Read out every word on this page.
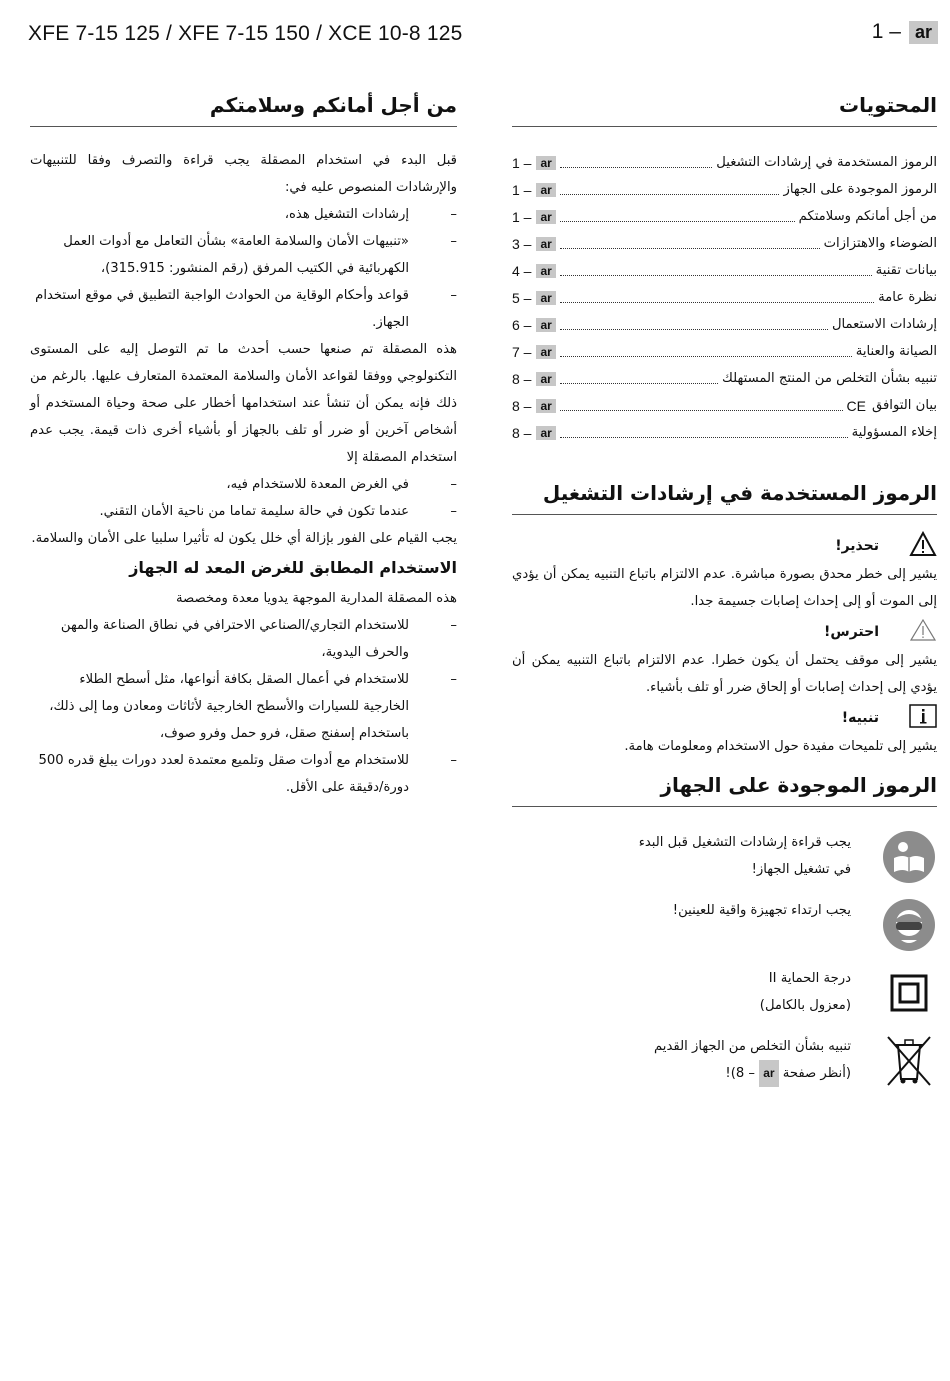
XFE 7-15 125 / XFE 7-15 150 / XCE 10-8 125	1 – ar
المحتويات
الرموز المستخدمة في إرشادات التشغيل
1 – ar
الرموز الموجودة على الجهاز
1 – ar
من أجل أمانكم وسلامتكم
1 – ar
الضوضاء والاهتزازات
3 – ar
بيانات تقنية
4 – ar
نظرة عامة
5 – ar
إرشادات الاستعمال
6 – ar
الصيانة والعناية
7 – ar
تنبيه بشأن التخلص من المنتج المستهلك
8 – ar
بيان التوافق
CE
8 – ar
إخلاء المسؤولية
8 – ar
الرموز المستخدمة في إرشادات التشغيل
تحذير!

يشير إلى خطر محدق بصورة مباشرة. عدم الالتزام باتباع التنبيه يمكن أن يؤدي إلى الموت أو إلى إحداث إصابات جسيمة جدا.

احترس!

يشير إلى موقف يحتمل أن يكون خطرا. عدم الالتزام باتباع التنبيه يمكن أن يؤدي إلى إحداث إصابات أو إلحاق ضرر أو تلف بأشياء.

تنبيه!

يشير إلى تلميحات مفيدة حول الاستخدام ومعلومات هامة.

الرموز الموجودة على الجهاز
يجب قراءة إرشادات التشغيل قبل البدء
في تشغيل الجهاز!
يجب ارتداء تجهيزة واقية للعينين!
درجة الحماية II
(معزول بالكامل)
تنبيه بشأن التخلص من الجهاز القديم
(أنظر صفحة ar – 8)!
من أجل أمانكم وسلامتكم

قبل البدء في استخدام المصقلة يجب قراءة والتصرف وفقا للتنبيهات والإرشادات المنصوص عليه في:

– إرشادات التشغيل هذه،
– «تنبيهات الأمان والسلامة العامة» بشأن التعامل مع أدوات العمل الكهربائية في الكتيب المرفق (رقم المنشور: 315.915)،
– قواعد وأحكام الوقاية من الحوادث الواجبة التطبيق في موقع استخدام الجهاز.

هذه المصقلة تم صنعها حسب أحدث ما تم التوصل إليه على المستوى التكنولوجي ووفقا لقواعد الأمان والسلامة المعتمدة المتعارف عليها. بالرغم من ذلك فإنه يمكن أن تنشأ عند استخدامها أخطار على صحة وحياة المستخدم أو أشخاص آخرين أو ضرر أو تلف بالجهاز أو بأشياء أخرى ذات قيمة. يجب عدم استخدام المصقلة إلا

– في الغرض المعدة للاستخدام فيه،
– عندما تكون في حالة سليمة تماما من ناحية الأمان التقني.

يجب القيام على الفور بإزالة أي خلل يكون له تأثيرا سلبيا على الأمان والسلامة.

الاستخدام المطابق للغرض المعد له الجهاز

هذه المصقلة المدارية الموجهة يدويا معدة ومخصصة

– للاستخدام التجاري/الصناعي الاحترافي في نطاق الصناعة والمهن والحرف اليدوية،
– للاستخدام في أعمال الصقل بكافة أنواعها، مثل أسطح الطلاء الخارجية للسيارات والأسطح الخارجية لأثاثات ومعادن وما إلى ذلك، باستخدام إسفنج صقل، فرو حمل وفرو صوف،
– للاستخدام مع أدوات صقل وتلميع معتمدة لعدد دورات يبلغ قدره 500 دورة/دقيقة على الأقل.
